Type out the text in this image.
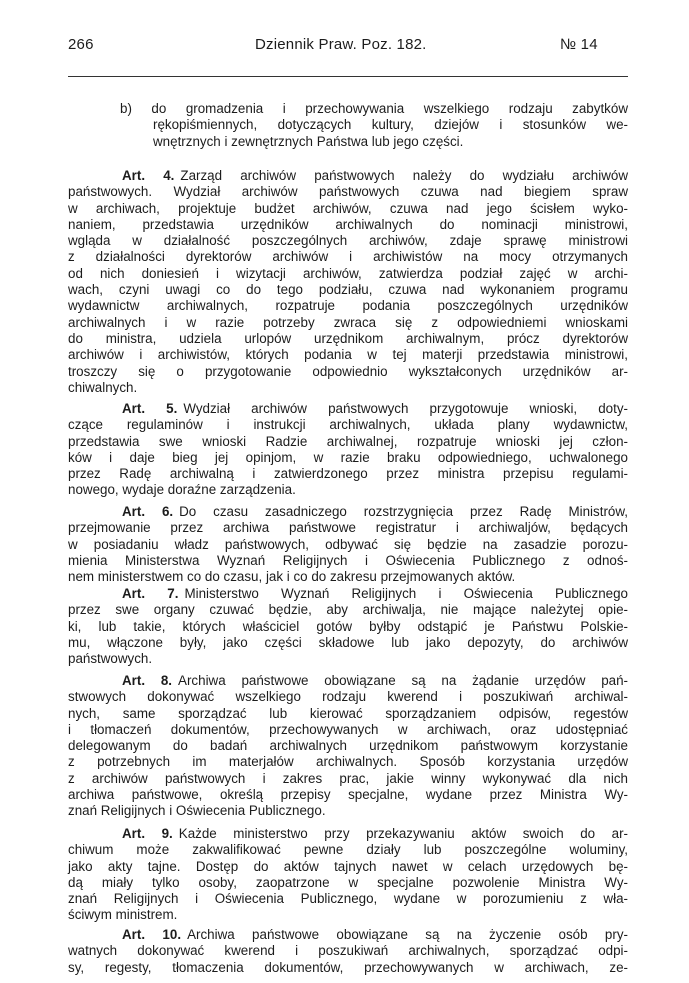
266	Dziennik Praw. Poz. 182.	№ 14
b) do gromadzenia i przechowywania wszelkiego rodzaju zabytków
rękopiśmiennych, dotyczących kultury, dziejów i stosunków we-
wnętrznych i zewnętrznych Państwa lub jego części.
Art. 4. Zarząd archiwów państwowych należy do wydziału archiwów
państwowych. Wydział archiwów państwowych czuwa nad biegiem spraw
w archiwach, projektuje budżet archiwów, czuwa nad jego ścisłem wyko-
naniem, przedstawia urzędników archiwalnych do nominacji ministrowi,
wgląda w działalność poszczególnych archiwów, zdaje sprawę ministrowi
z działalności dyrektorów archiwów i archiwistów na mocy otrzymanych
od nich doniesień i wizytacji archiwów, zatwierdza podział zajęć w archi-
wach, czyni uwagi co do tego podziału, czuwa nad wykonaniem programu
wydawnictw archiwalnych, rozpatruje podania poszczególnych urzędników
archiwalnych i w razie potrzeby zwraca się z odpowiedniemi wnioskami
do ministra, udziela urlopów urzędnikom archiwalnym, prócz dyrektorów
archiwów i archiwistów, których podania w tej materji przedstawia ministrowi,
troszczy się o przygotowanie odpowiednio wykształconych urzędników ar-
chiwalnych.
Art. 5. Wydział archiwów państwowych przygotowuje wnioski, doty-
czące regulaminów i instrukcji archiwalnych, układa plany wydawnictw,
przedstawia swe wnioski Radzie archiwalnej, rozpatruje wnioski jej człon-
ków i daje bieg jej opinjom, w razie braku odpowiedniego, uchwalonego
przez Radę archiwalną i zatwierdzonego przez ministra przepisu regulami-
nowego, wydaje doraźne zarządzenia.
Art. 6. Do czasu zasadniczego rozstrzygnięcia przez Radę Ministrów,
przejmowanie przez archiwa państwowe registratur i archiwaljów, będących
w posiadaniu władz państwowych, odbywać się będzie na zasadzie porozu-
mienia Ministerstwa Wyznań Religijnych i Oświecenia Publicznego z odnoś-
nem ministerstwem co do czasu, jak i co do zakresu przejmowanych aktów.
Art. 7. Ministerstwo Wyznań Religijnych i Oświecenia Publicznego
przez swe organy czuwać będzie, aby archiwalja, nie mające należytej opie-
ki, lub takie, których właściciel gotów byłby odstąpić je Państwu Polskie-
mu, włączone były, jako części składowe lub jako depozyty, do archiwów
państwowych.
Art. 8. Archiwa państwowe obowiązane są na żądanie urzędów pań-
stwowych dokonywać wszelkiego rodzaju kwerend i poszukiwań archiwal-
nych, same sporządzać lub kierować sporządzaniem odpisów, regestów
i tłomaczeń dokumentów, przechowywanych w archiwach, oraz udostępniać
delegowanym do badań archiwalnych urzędnikom państwowym korzystanie
z potrzebnych im materjałów archiwalnych. Sposób korzystania urzędów
z archiwów państwowych i zakres prac, jakie winny wykonywać dla nich
archiwa państwowe, określą przepisy specjalne, wydane przez Ministra Wy-
znań Religijnych i Oświecenia Publicznego.
Art. 9. Każde ministerstwo przy przekazywaniu aktów swoich do ar-
chiwum może zakwalifikować pewne działy lub poszczególne woluminy,
jako akty tajne. Dostęp do aktów tajnych nawet w celach urzędowych bę-
dą miały tylko osoby, zaopatrzone w specjalne pozwolenie Ministra Wy-
znań Religijnych i Oświecenia Publicznego, wydane w porozumieniu z wła-
ściwym ministrem.
Art. 10. Archiwa państwowe obowiązane są na życzenie osób pry-
watnych dokonywać kwerend i poszukiwań archiwalnych, sporządzać odpi-
sy, regesty, tłomaczenia dokumentów, przechowywanych w archiwach, ze-
